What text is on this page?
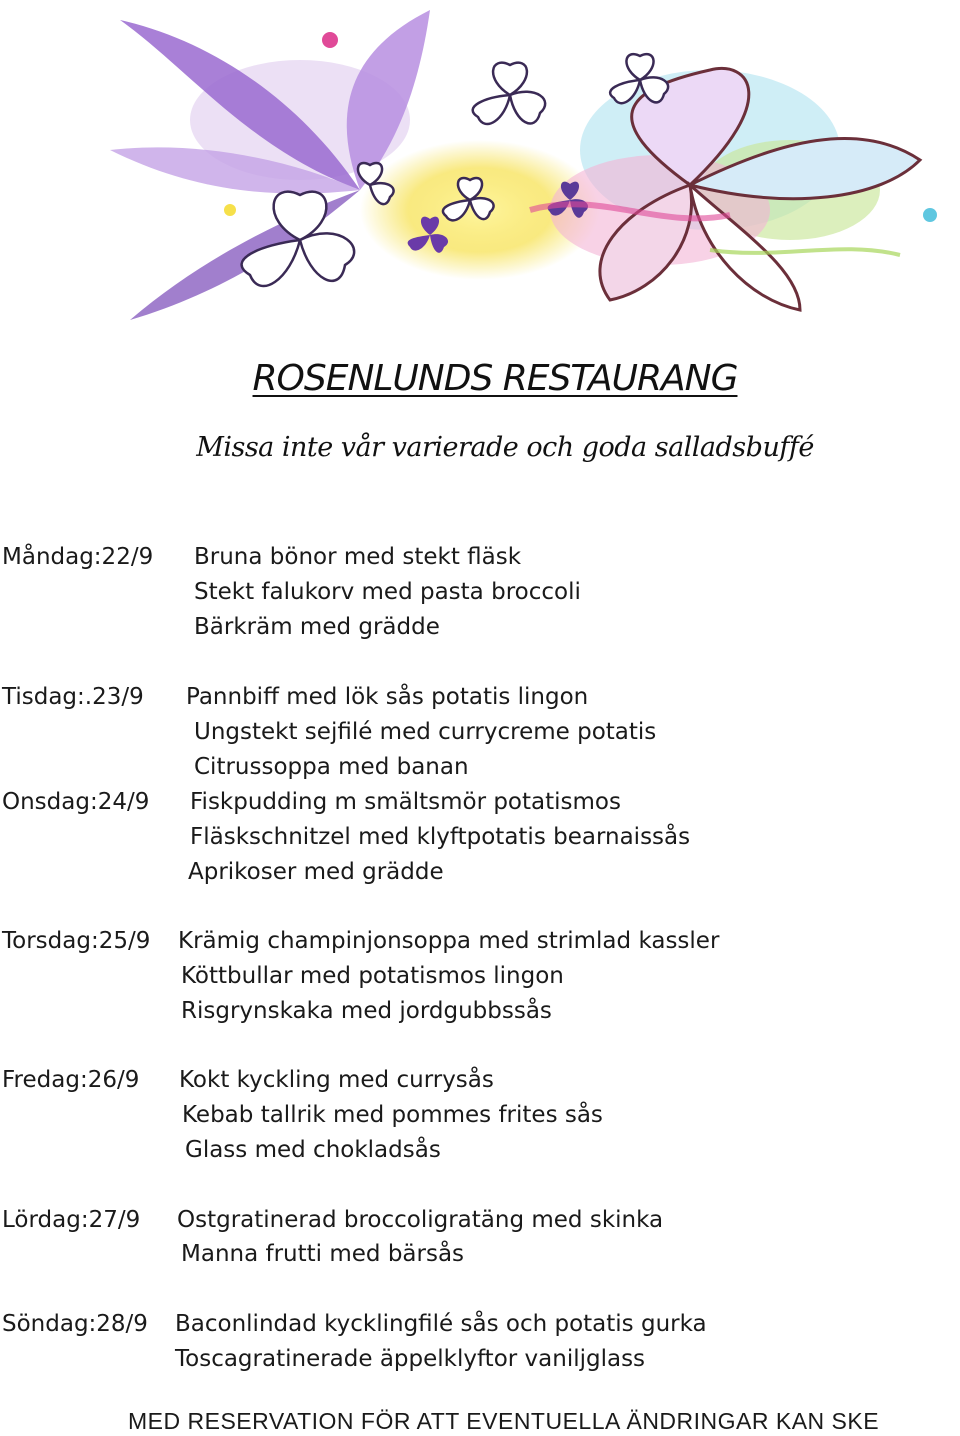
ROSENLUNDS RESTAURANG
Missa inte vår varierade och goda salladsbuffé
Måndag:22/9 Bruna bönor med stekt fläsk
Stekt falukorv med pasta broccoli
Bärkräm med grädde
Tisdag:.23/9 Pannbiff med lök sås potatis lingon
Ungstekt sejfilé med currycreme potatis
Citrussoppa med banan
Onsdag:24/9 Fiskpudding m smältsmör potatismos
Fläskschnitzel med klyftpotatis bearnaissås
Aprikoser med grädde
Torsdag:25/9 Krämig champinjonsoppa med strimlad kassler
Köttbullar med potatismos lingon
Risgrynskaka med jordgubbssås
Fredag:26/9 Kokt kyckling med currysås
Kebab tallrik med pommes frites sås
Glass med chokladsås
Lördag:27/9 Ostgratinerad broccoligratäng med skinka
Manna frutti med bärsås
Söndag:28/9 Baconlindad kycklingfilé sås och potatis gurka
Toscagratinerade äppelklyftor vaniljglass
MED RESERVATION FÖR ATT EVENTUELLA ÄNDRINGAR KAN SKE
